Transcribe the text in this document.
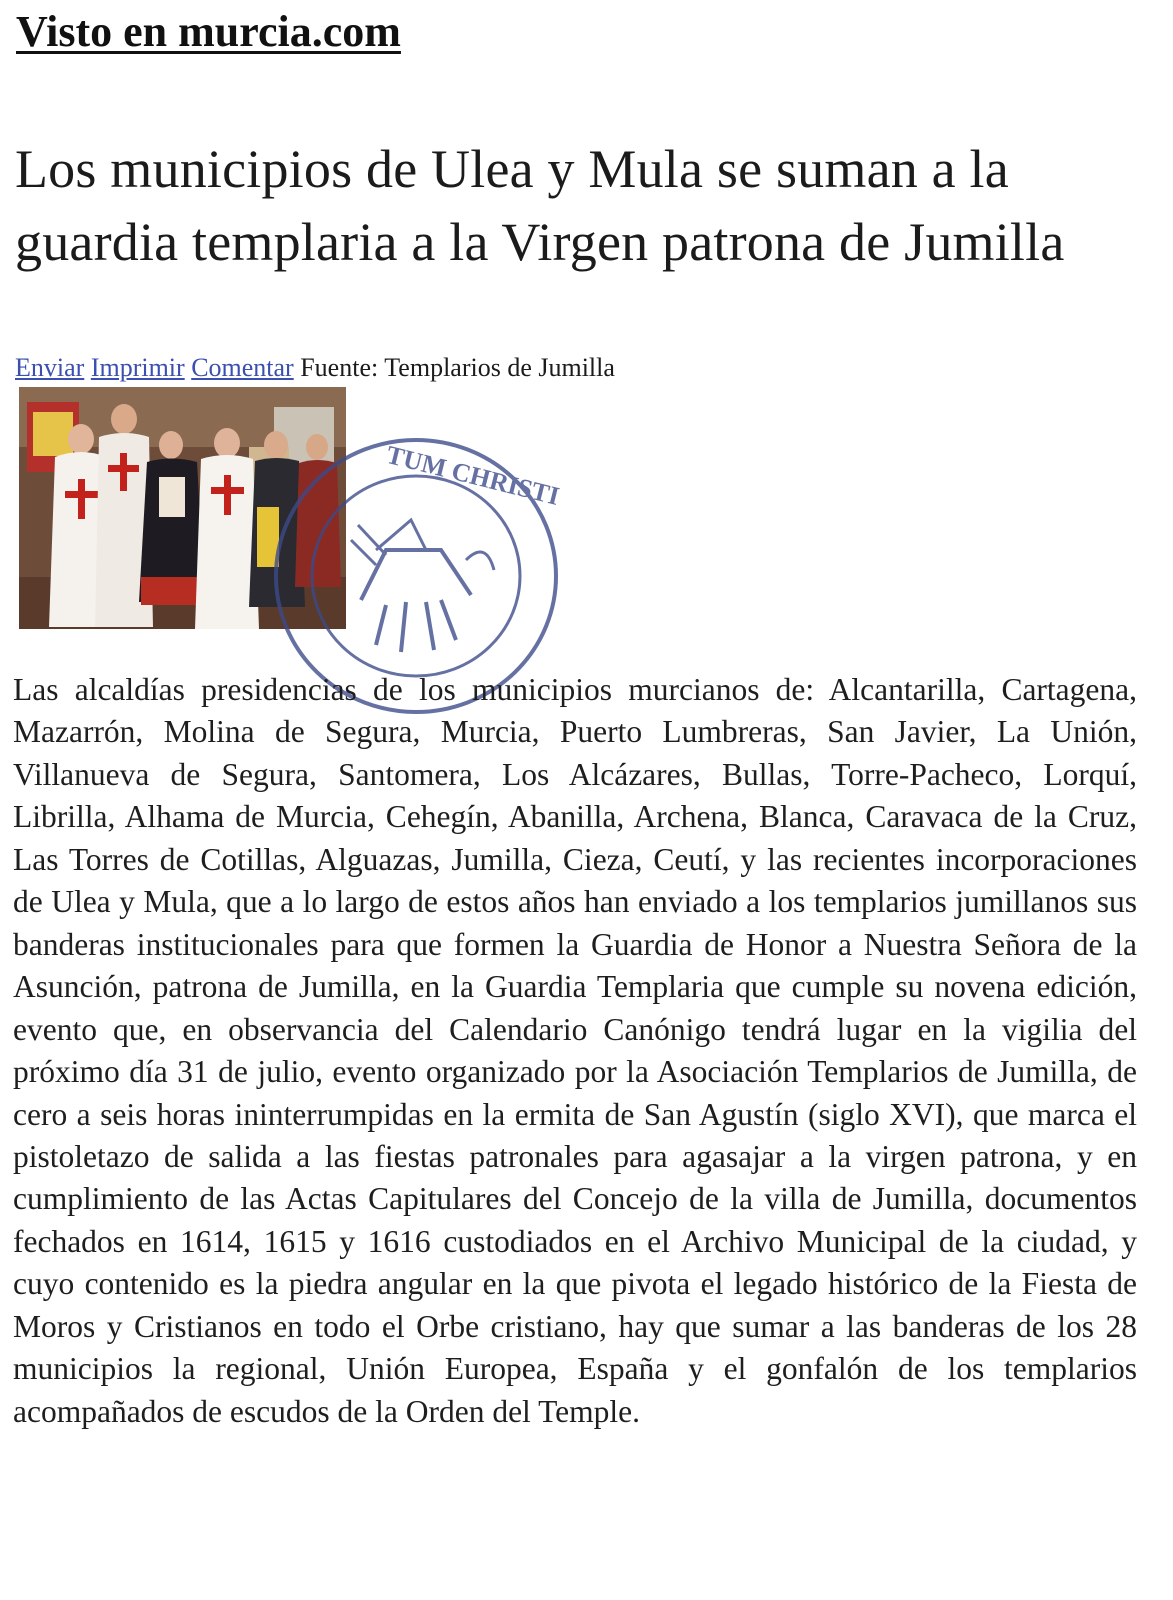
Visto en murcia.com
Los municipios de Ulea y Mula se suman a la guardia templaria a la Virgen patrona de Jumilla
Enviar Imprimir Comentar Fuente: Templarios de Jumilla
TUM CHRISTI

Las alcaldías presidencias de los municipios murcianos de: Alcantarilla, Cartagena, Mazarrón, Molina de Segura, Murcia, Puerto Lumbreras, San Javier, La Unión, Villanueva de Segura, Santomera, Los Alcázares, Bullas, Torre-Pacheco, Lorquí, Librilla, Alhama de Murcia, Cehegín, Abanilla, Archena, Blanca, Caravaca de la Cruz, Las Torres de Cotillas, Alguazas, Jumilla, Cieza, Ceutí, y las recientes incorporaciones de Ulea y Mula, que a lo largo de estos años han enviado a los templarios jumillanos sus banderas institucionales para que formen la Guardia de Honor a Nuestra Señora de la Asunción, patrona de Jumilla, en la Guardia Templaria que cumple su novena edición, evento que, en observancia del Calendario Canónigo tendrá lugar en la vigilia del próximo día 31 de julio, evento organizado por la Asociación Templarios de Jumilla, de cero a seis horas ininterrumpidas en la ermita de San Agustín (siglo XVI), que marca el pistoletazo de salida a las fiestas patronales para agasajar a la virgen patrona, y en cumplimiento de las Actas Capitulares del Concejo de la villa de Jumilla, documentos fechados en 1614, 1615 y 1616 custodiados en el Archivo Municipal de la ciudad, y cuyo contenido es la piedra angular en la que pivota el legado histórico de la Fiesta de Moros y Cristianos en todo el Orbe cristiano, hay que sumar a las banderas de los 28 municipios la regional, Unión Europea, España y el gonfalón de los templarios acompañados de escudos de la Orden del Temple.
